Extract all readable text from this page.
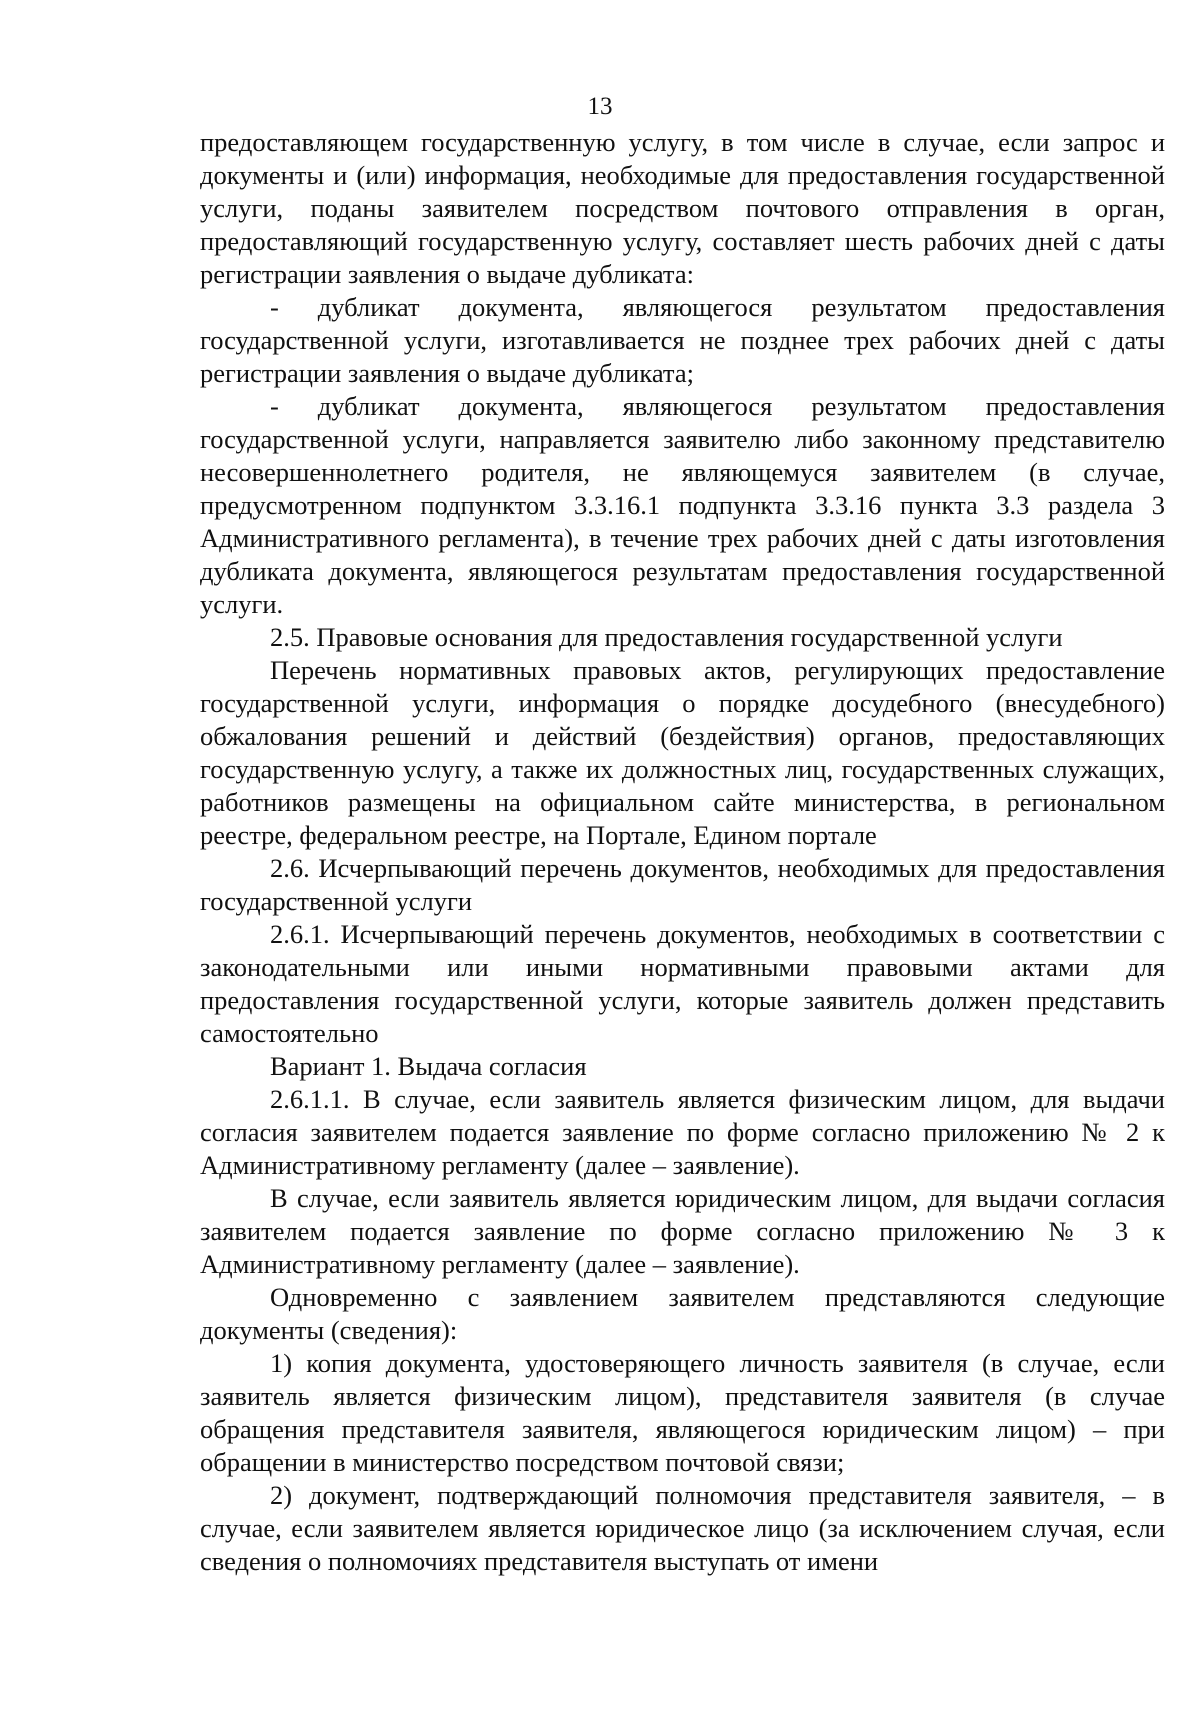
13

предоставляющем государственную услугу, в том числе в случае, если запрос и документы и (или) информация, необходимые для предоставления государственной услуги, поданы заявителем посредством почтового отправления в орган, предоставляющий государственную услугу, составляет шесть рабочих дней с даты регистрации заявления о выдаче дубликата:

- дубликат документа, являющегося результатом предоставления государственной услуги, изготавливается не позднее трех рабочих дней с даты регистрации заявления о выдаче дубликата;

- дубликат документа, являющегося результатом предоставления государственной услуги, направляется заявителю либо законному представителю несовершеннолетнего родителя, не являющемуся заявителем (в случае, предусмотренном подпунктом 3.3.16.1 подпункта 3.3.16 пункта 3.3 раздела 3 Административного регламента), в течение трех рабочих дней с даты изготовления дубликата документа, являющегося результатам предоставления государственной услуги.

2.5. Правовые основания для предоставления государственной услуги

Перечень нормативных правовых актов, регулирующих предоставление государственной услуги, информация о порядке досудебного (внесудебного) обжалования решений и действий (бездействия) органов, предоставляющих государственную услугу, а также их должностных лиц, государственных служащих, работников размещены на официальном сайте министерства, в региональном реестре, федеральном реестре, на Портале, Едином портале

2.6. Исчерпывающий перечень документов, необходимых для предоставления государственной услуги

2.6.1. Исчерпывающий перечень документов, необходимых в соответствии с законодательными или иными нормативными правовыми актами для предоставления государственной услуги, которые заявитель должен представить самостоятельно

Вариант 1. Выдача согласия

2.6.1.1. В случае, если заявитель является физическим лицом, для выдачи согласия заявителем подается заявление по форме согласно приложению № 2 к Административному регламенту (далее – заявление).

В случае, если заявитель является юридическим лицом, для выдачи согласия заявителем подается заявление по форме согласно приложению № 3 к Административному регламенту (далее – заявление).

Одновременно с заявлением заявителем представляются следующие документы (сведения):

1) копия документа, удостоверяющего личность заявителя (в случае, если заявитель является физическим лицом), представителя заявителя (в случае обращения представителя заявителя, являющегося юридическим лицом) – при обращении в министерство посредством почтовой связи;

2) документ, подтверждающий полномочия представителя заявителя, – в случае, если заявителем является юридическое лицо (за исключением случая, если сведения о полномочиях представителя выступать от имени
